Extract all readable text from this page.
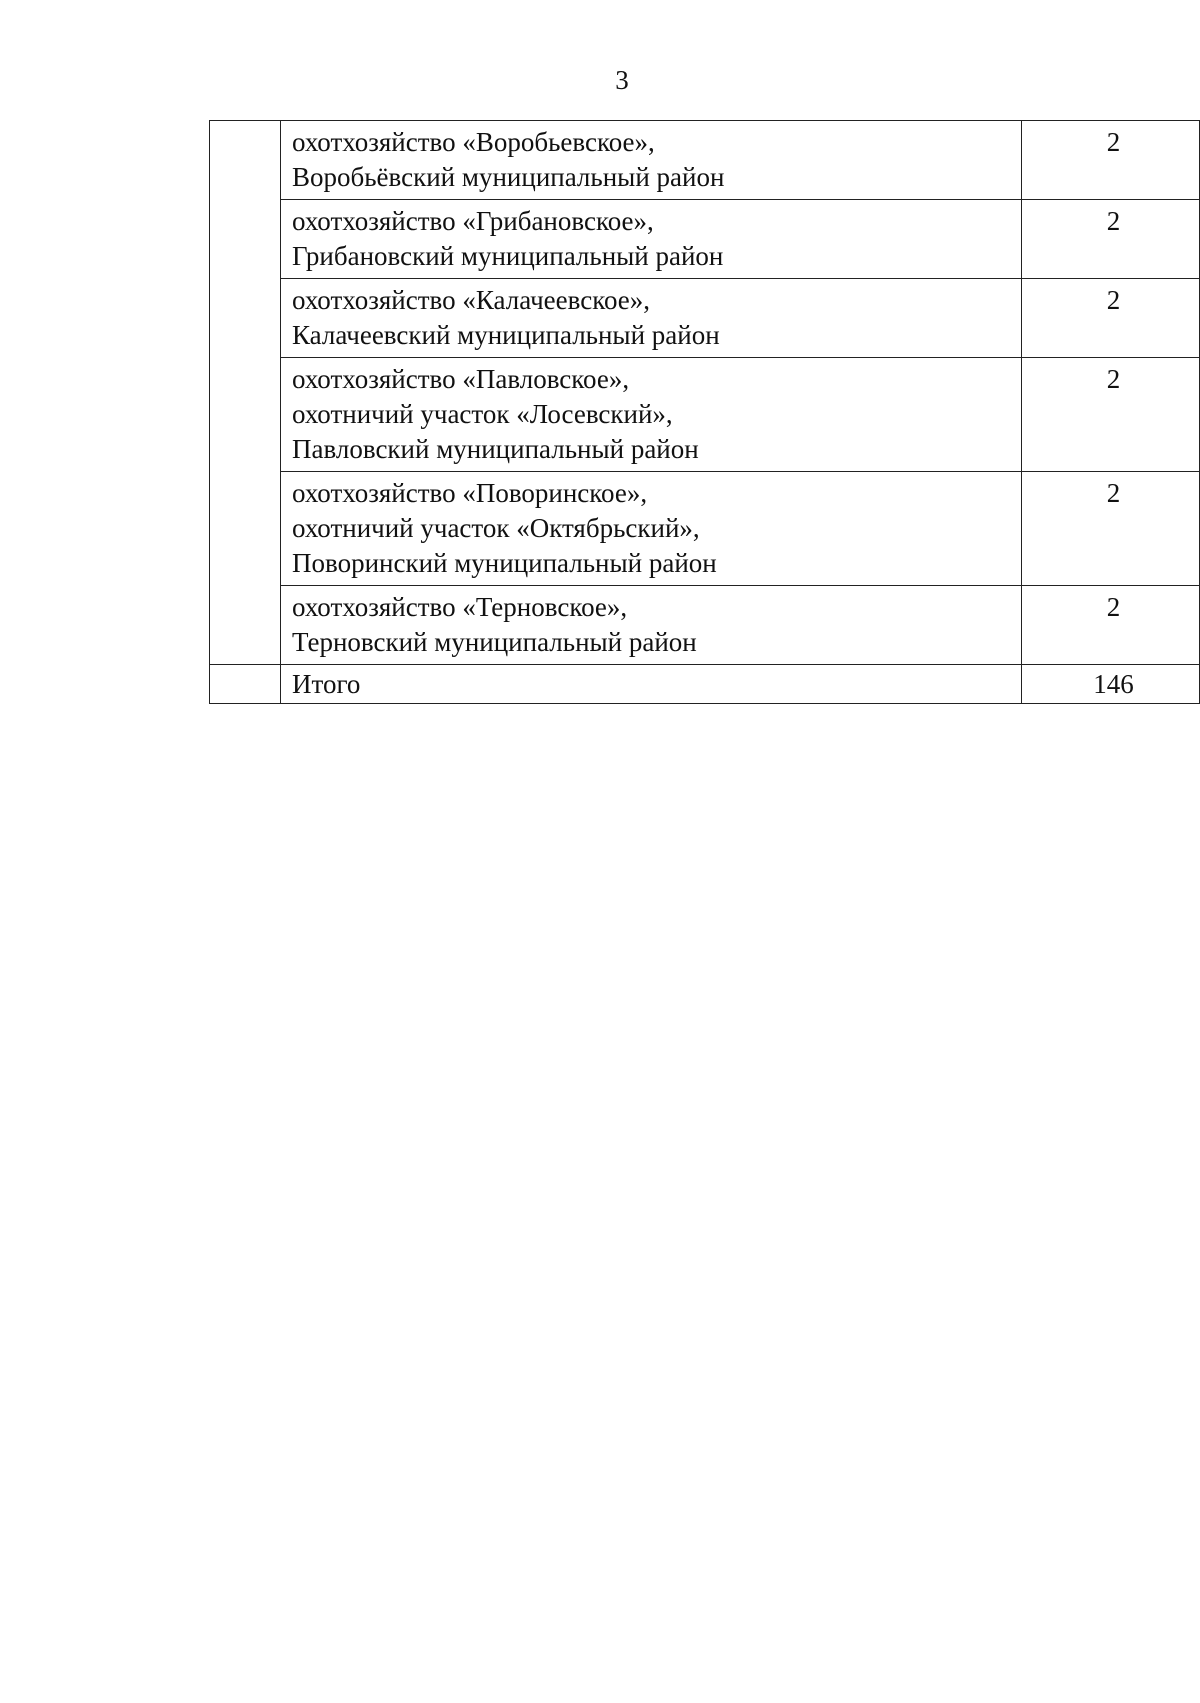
3

	охотхозяйство «Воробьевское»,
Воробьёвский муниципальный район	2

	охотхозяйство «Грибановское»,
Грибановский муниципальный район	2

	охотхозяйство «Калачеевское»,
Калачеевский муниципальный район	2

	охотхозяйство «Павловское»,
охотничий участок «Лосевский»,
Павловский муниципальный район	2

	охотхозяйство «Поворинское»,
охотничий участок «Октябрьский»,
Поворинский муниципальный район	2

	охотхозяйство «Терновское»,
Терновский муниципальный район	2
	Итого	146
